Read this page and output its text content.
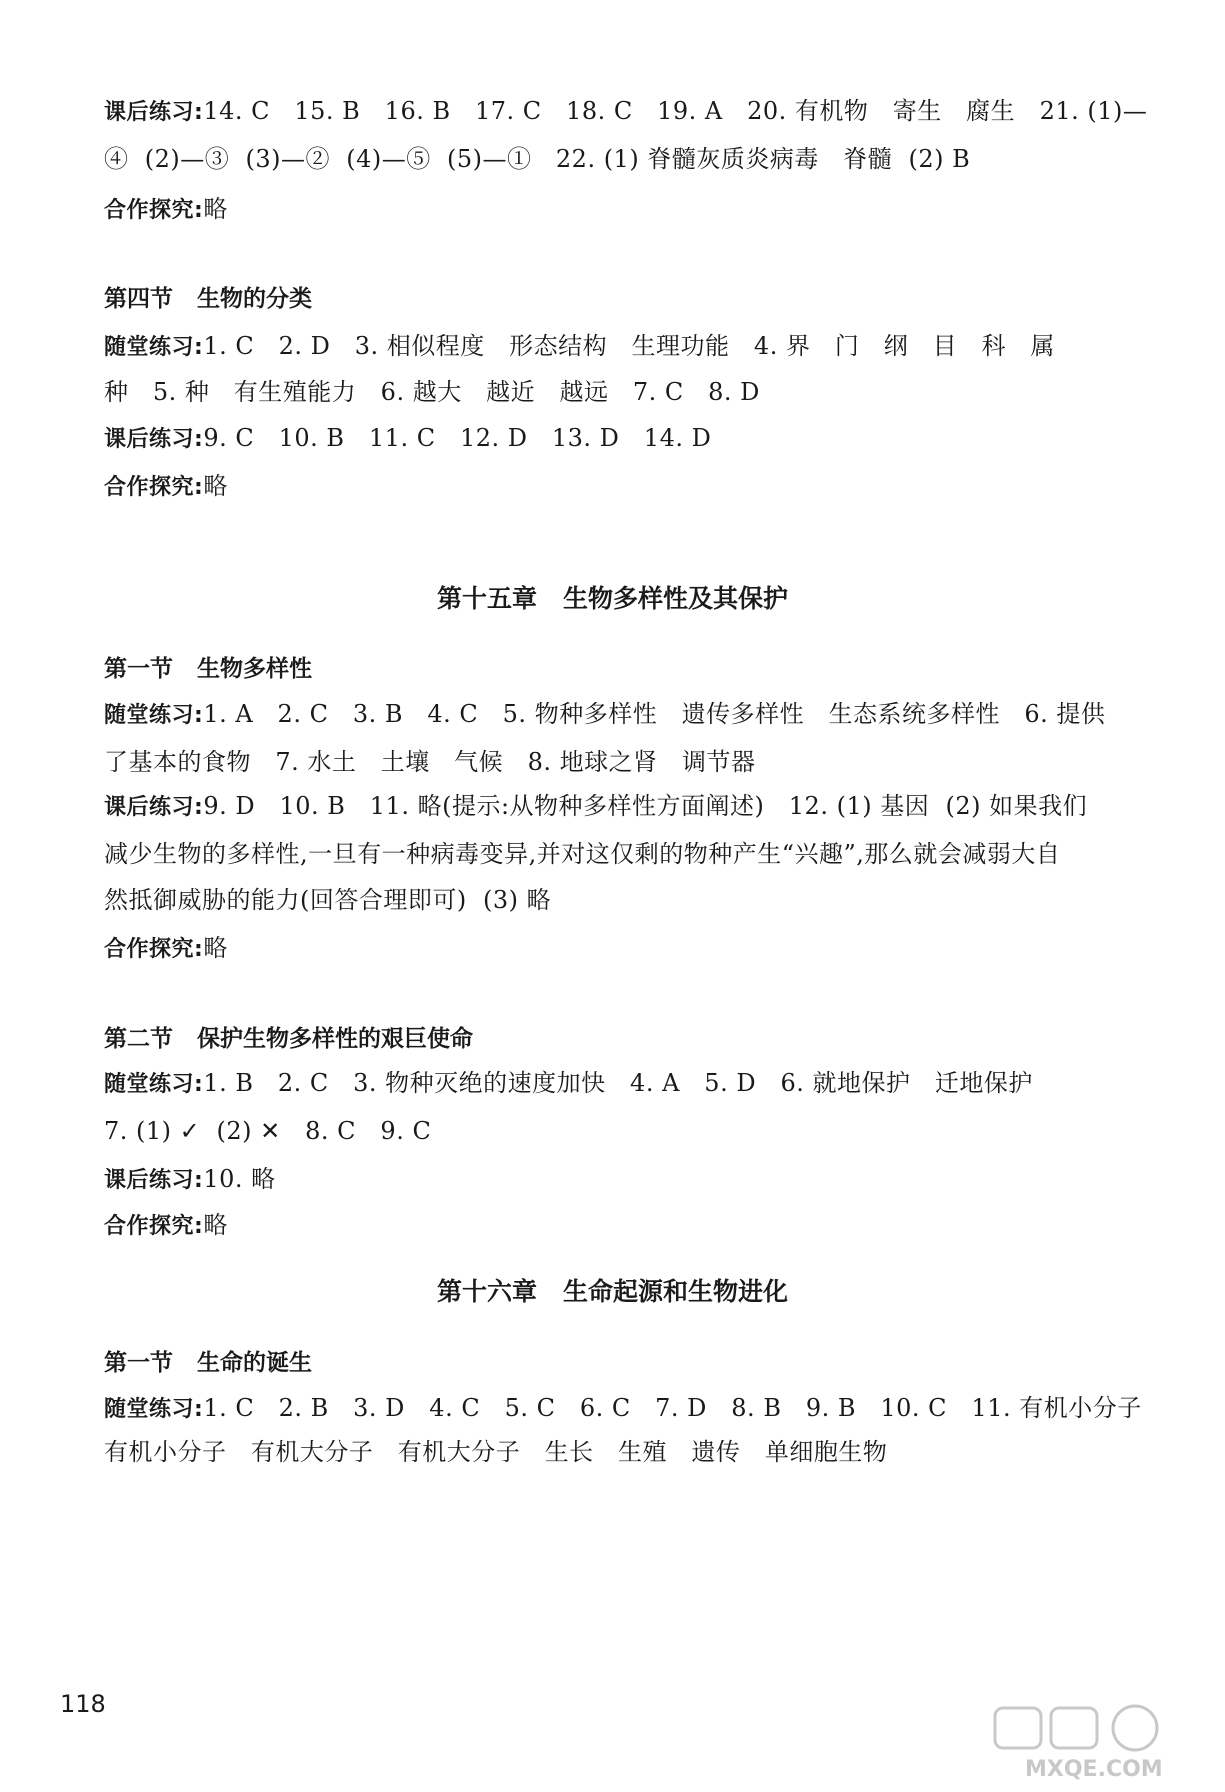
课后练习:14. C   15. B   16. B   17. C   18. C   19. A   20. 有机物   寄生   腐生   21. (1)—
④  (2)—③  (3)—②  (4)—⑤  (5)—①   22. (1) 脊髓灰质炎病毒   脊髓  (2) B
合作探究:略
第四节   生物的分类
随堂练习:1. C   2. D   3. 相似程度   形态结构   生理功能   4. 界   门   纲   目   科   属
种   5. 种   有生殖能力   6. 越大   越近   越远   7. C   8. D
课后练习:9. C   10. B   11. C   12. D   13. D   14. D
合作探究:略
第十五章   生物多样性及其保护
第一节   生物多样性
随堂练习:1. A   2. C   3. B   4. C   5. 物种多样性   遗传多样性   生态系统多样性   6. 提供
了基本的食物   7. 水土   土壤   气候   8. 地球之肾   调节器
课后练习:9. D   10. B   11. 略(提示:从物种多样性方面阐述)   12. (1) 基因  (2) 如果我们
减少生物的多样性,一旦有一种病毒变异,并对这仅剩的物种产生“兴趣”,那么就会减弱大自
然抵御威胁的能力(回答合理即可)  (3) 略
合作探究:略
第二节   保护生物多样性的艰巨使命
随堂练习:1. B   2. C   3. 物种灭绝的速度加快   4. A   5. D   6. 就地保护   迁地保护
7. (1) ✓  (2) ✕   8. C   9. C
课后练习:10. 略
合作探究:略
第十六章   生命起源和生物进化
第一节   生命的诞生
随堂练习:1. C   2. B   3. D   4. C   5. C   6. C   7. D   8. B   9. B   10. C   11. 有机小分子
有机小分子   有机大分子   有机大分子   生长   生殖   遗传   单细胞生物
118
MXQE.COM
